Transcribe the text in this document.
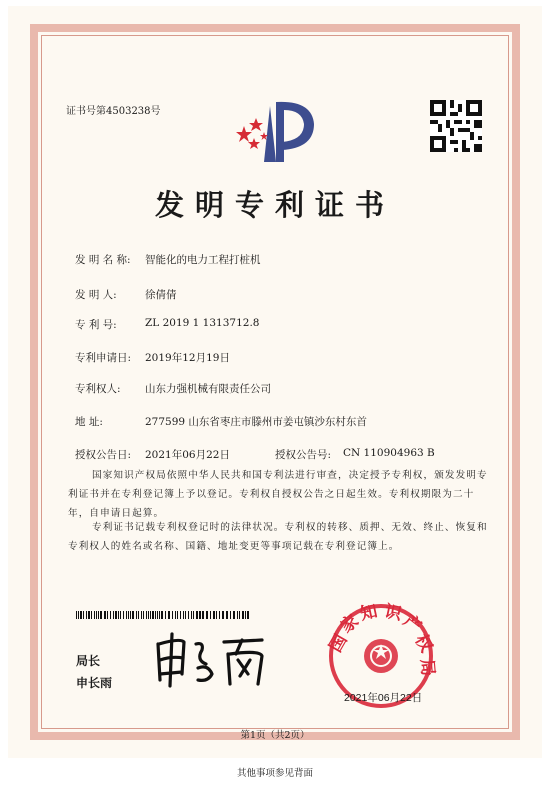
证书号第4503238号
发明专利证书
发 明 名 称: 智能化的电力工程打桩机
发 明 人:	徐倩倩
专 利 号:	ZL 2019 1 1313712.8
专利申请日: 2019年12月19日
专利权人: 山东力强机械有限责任公司
地 址:	277599 山东省枣庄市滕州市姜屯镇沙东村东首
授权公告日: 2021年06月22日	授权公告号: CN 110904963 B
国家知识产权局依照中华人民共和国专利法进行审查，决定授予专利权，颁发发明专利证书并在专利登记簿上予以登记。专利权自授权公告之日起生效。专利权期限为二十年，自申请日起算。
专利证书记载专利权登记时的法律状况。专利权的转移、质押、无效、终止、恢复和专利权人的姓名或名称、国籍、地址变更等事项记载在专利登记簿上。
局长
申长雨
国
家
知 识
产
权
局
2021年06月22日
第1页（共2页）
其他事项参见背面
